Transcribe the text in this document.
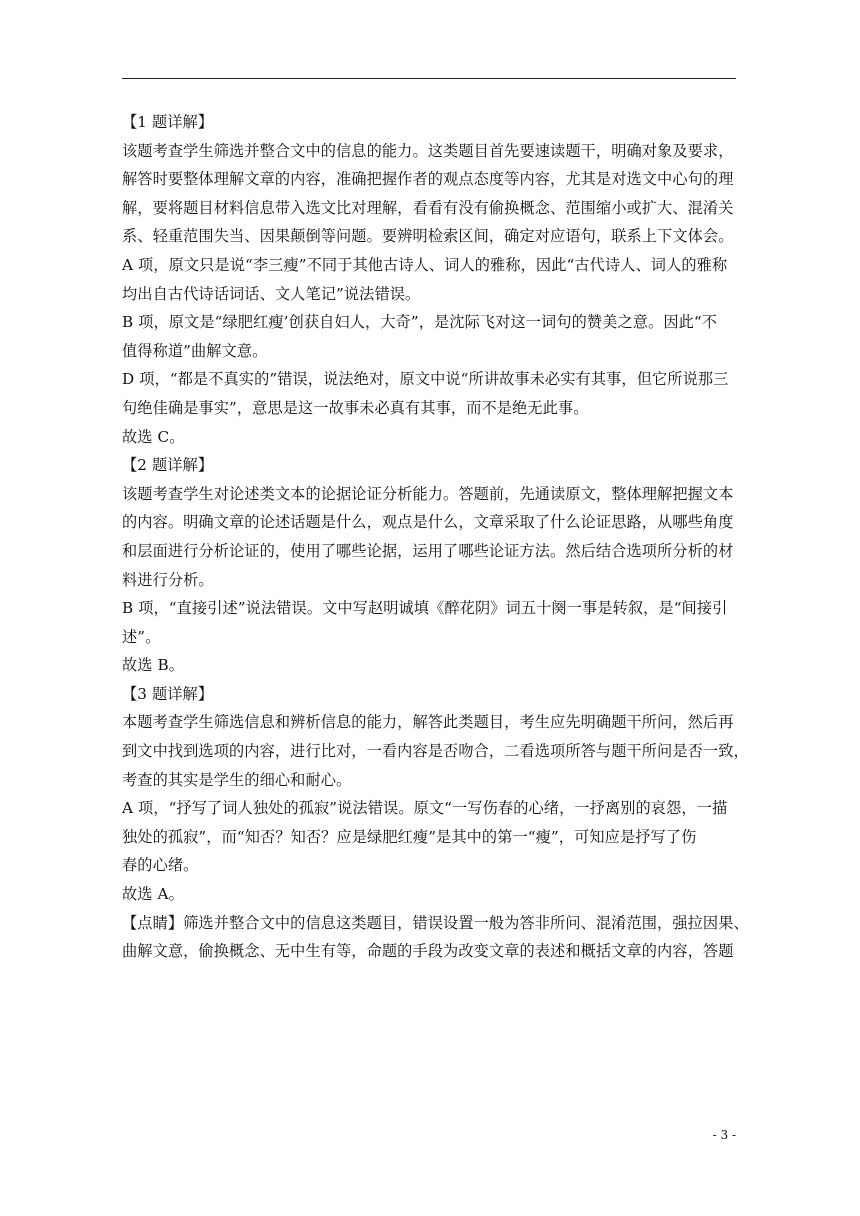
【1 题详解】
该题考查学生筛选并整合文中的信息的能力。这类题目首先要速读题干，明确对象及要求，
解答时要整体理解文章的内容，准确把握作者的观点态度等内容，尤其是对选文中心句的理
解，要将题目材料信息带入选文比对理解，看看有没有偷换概念、范围缩小或扩大、混淆关
系、轻重范围失当、因果颠倒等问题。要辨明检索区间，确定对应语句，联系上下文体会。
A 项，原文只是说“李三瘦”不同于其他古诗人、词人的雅称，因此“古代诗人、词人的雅称
均出自古代诗话词话、文人笔记”说法错误。
B 项，原文是“绿肥红瘦’创获自妇人，大奇”，是沈际飞对这一词句的赞美之意。因此“不
值得称道”曲解文意。
D 项，“都是不真实的”错误，说法绝对，原文中说“所讲故事未必实有其事，但它所说那三
句绝佳确是事实”，意思是这一故事未必真有其事，而不是绝无此事。
故选 C。
【2 题详解】
该题考查学生对论述类文本的论据论证分析能力。答题前，先通读原文，整体理解把握文本
的内容。明确文章的论述话题是什么，观点是什么，文章采取了什么论证思路，从哪些角度
和层面进行分析论证的，使用了哪些论据，运用了哪些论证方法。然后结合选项所分析的材
料进行分析。
B 项，“直接引述”说法错误。文中写赵明诚填《醉花阴》词五十阕一事是转叙，是“间接引
述”。
故选 B。
【3 题详解】
本题考查学生筛选信息和辨析信息的能力，解答此类题目，考生应先明确题干所问，然后再
到文中找到选项的内容，进行比对，一看内容是否吻合，二看选项所答与题干所问是否一致，
考查的其实是学生的细心和耐心。
A 项，“抒写了词人独处的孤寂”说法错误。原文“一写伤春的心绪，一抒离别的哀怨，一描
独处的孤寂”，而“知否？知否？应是绿肥红瘦”是其中的第一“瘦”，可知应是抒写了伤
春的心绪。
故选 A。
【点睛】筛选并整合文中的信息这类题目，错误设置一般为答非所问、混淆范围，强拉因果、
曲解文意，偷换概念、无中生有等，命题的手段为改变文章的表述和概括文章的内容，答题
- 3 -
